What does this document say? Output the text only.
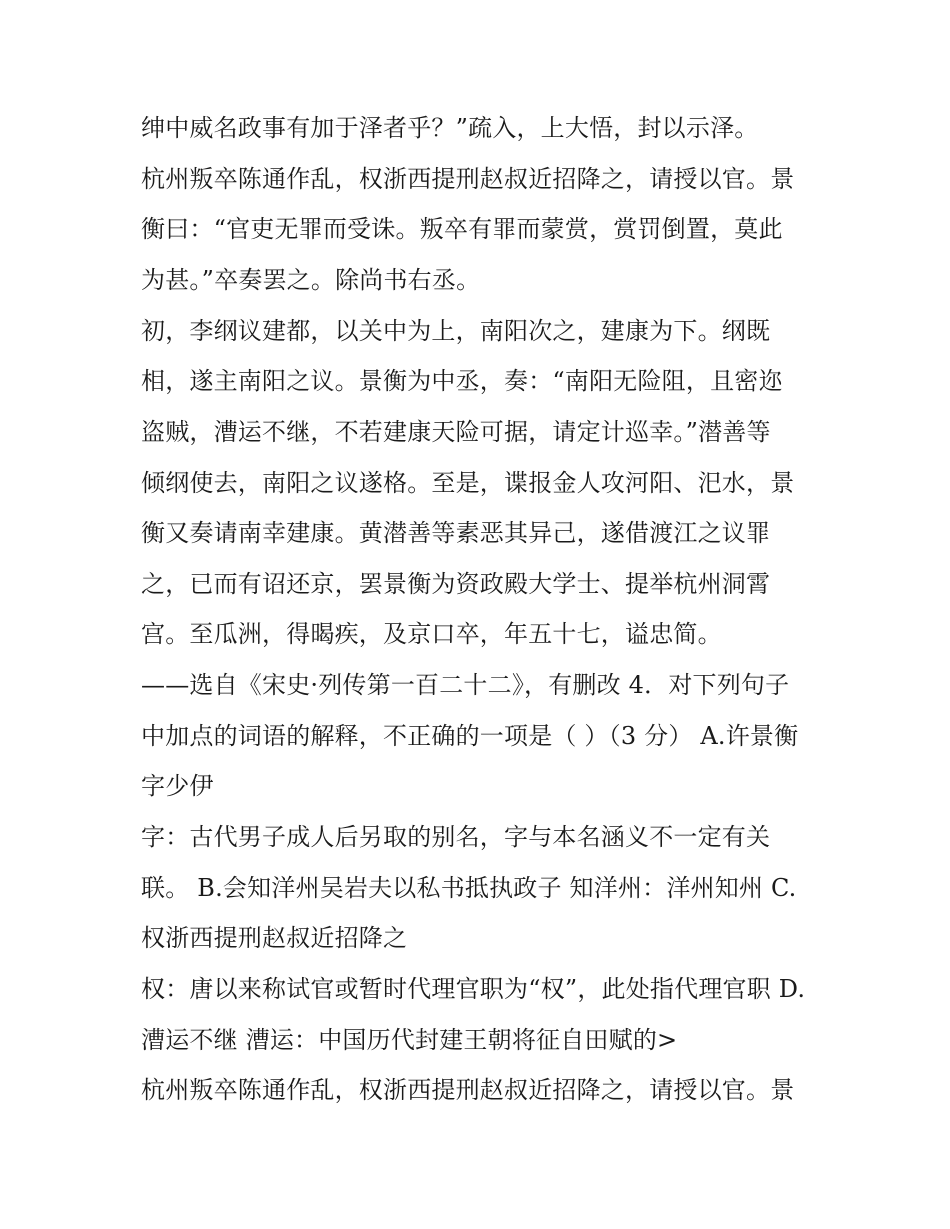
绅中威名政事有加于泽者乎？”疏入，上大悟，封以示泽。
杭州叛卒陈通作乱，权浙西提刑赵叔近招降之，请授以官。景
衡曰：“官吏无罪而受诛。叛卒有罪而蒙赏，赏罚倒置，莫此
为甚。”卒奏罢之。除尚书右丞。
初，李纲议建都，以关中为上，南阳次之，建康为下。纲既
相，遂主南阳之议。景衡为中丞，奏：“南阳无险阻，且密迩
盗贼，漕运不继，不若建康天险可据，请定计巡幸。”潜善等
倾纲使去，南阳之议遂格。至是，谍报金人攻河阳、汜水，景
衡又奏请南幸建康。黄潜善等素恶其异己，遂借渡江之议罪
之，已而有诏还京，罢景衡为资政殿大学士、提举杭州洞霄
宫。至瓜洲，得暍疾，及京口卒，年五十七，谥忠简。
——选自《宋史·列传第一百二十二》，有删改 4．对下列句子
中加点的词语的解释，不正确的一项是（ ）（3 分） A.许景衡
字少伊
字：古代男子成人后另取的别名，字与本名涵义不一定有关
联。 B.会知洋州吴岩夫以私书抵执政子 知洋州：洋州知州 C.
权浙西提刑赵叔近招降之
权：唐以来称试官或暂时代理官职为“权”，此处指代理官职 D.
漕运不继 漕运：中国历代封建王朝将征自田赋的>
杭州叛卒陈通作乱，权浙西提刑赵叔近招降之，请授以官。景
